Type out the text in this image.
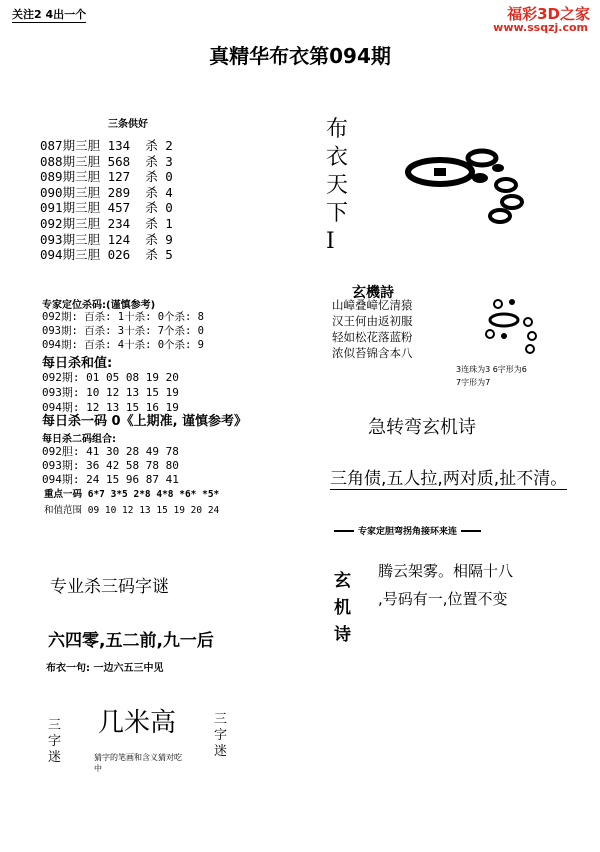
关注2 4出一个	福彩3D之家
www.ssqzj.com
真精华布衣第094期
三条供好
087期三胆 134 杀 2
088期三胆 568 杀 3
089期三胆 127 杀 0
090期三胆 289 杀 4
091期三胆 457 杀 0
092期三胆 234 杀 1
093期三胆 124 杀 9
094期三胆 026 杀 5
专家定位杀码:(谨慎参考)
092期: 百杀: 1十杀: 0个杀: 8
093期: 百杀: 3十杀: 7个杀: 0
094期: 百杀: 4十杀: 0个杀: 9
每日杀和值:
092期: 01 05 08 19 20
093期: 10 12 13 15 19
094期: 12 13 15 16 19
每日杀一码 0《上期准, 谨慎参考》
每日杀二码组合:
092胆: 41 30 28 49 78
093期: 36 42 58 78 80
094期: 24 15 96 87 41
重点一码 6*7 3*5 2*8 4*8 *6* *5*
和值范围 09 10 12 13 15 19 20 24
专业杀三码字谜
六四零,五二前,九一后
布衣一句: 一边六五三中见
三字迷
几米高
猜字的笔画和含义猜对吃中
三字迷
布衣天下Ⅰ
玄機詩
山嶂叠嶂忆清猿
汉王何由返初服
轻如松花落蓝粉
浓似苔锦含本八
3连珠为3 6字形为6
7字形为7
急转弯玄机诗
三角债,五人拉,两对质,扯不清。
专家定胆弯拐角接环来连
玄机诗
腾云架雾。相隔十八
,号码有一,位置不变
